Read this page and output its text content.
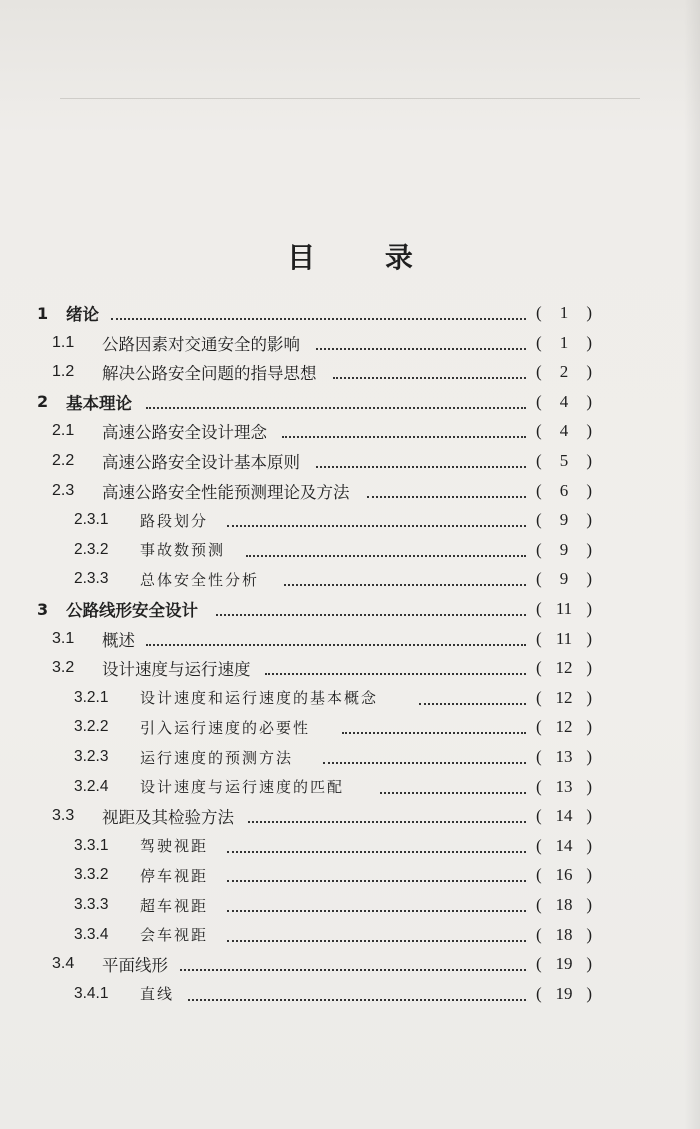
目 录
1 绪论	(	1	)
1.1 公路因素对交通安全的影响	(	1	)
1.2 解决公路安全问题的指导思想	(	2	)
2 基本理论	(	4	)
2.1 高速公路安全设计理念	(	4	)
2.2 高速公路安全设计基本原则	(	5	)
2.3 高速公路安全性能预测理论及方法	(	6	)
2.3.1 路段划分	(	9	)
2.3.2 事故数预测	(	9	)
2.3.3 总体安全性分析	(	9	)
3 公路线形安全设计	( 11 )
3.1 概述	( 11 )
3.2 设计速度与运行速度	( 12 )
3.2.1 设计速度和运行速度的基本概念	( 12 )
3.2.2 引入运行速度的必要性	( 12 )
3.2.3 运行速度的预测方法	( 13 )
3.2.4 设计速度与运行速度的匹配	( 13 )
3.3 视距及其检验方法	( 14 )
3.3.1 驾驶视距	( 14 )
3.3.2 停车视距	( 16 )
3.3.3 超车视距	( 18 )
3.3.4 会车视距	( 18 )
3.4 平面线形	( 19 )
3.4.1 直线	( 19 )
